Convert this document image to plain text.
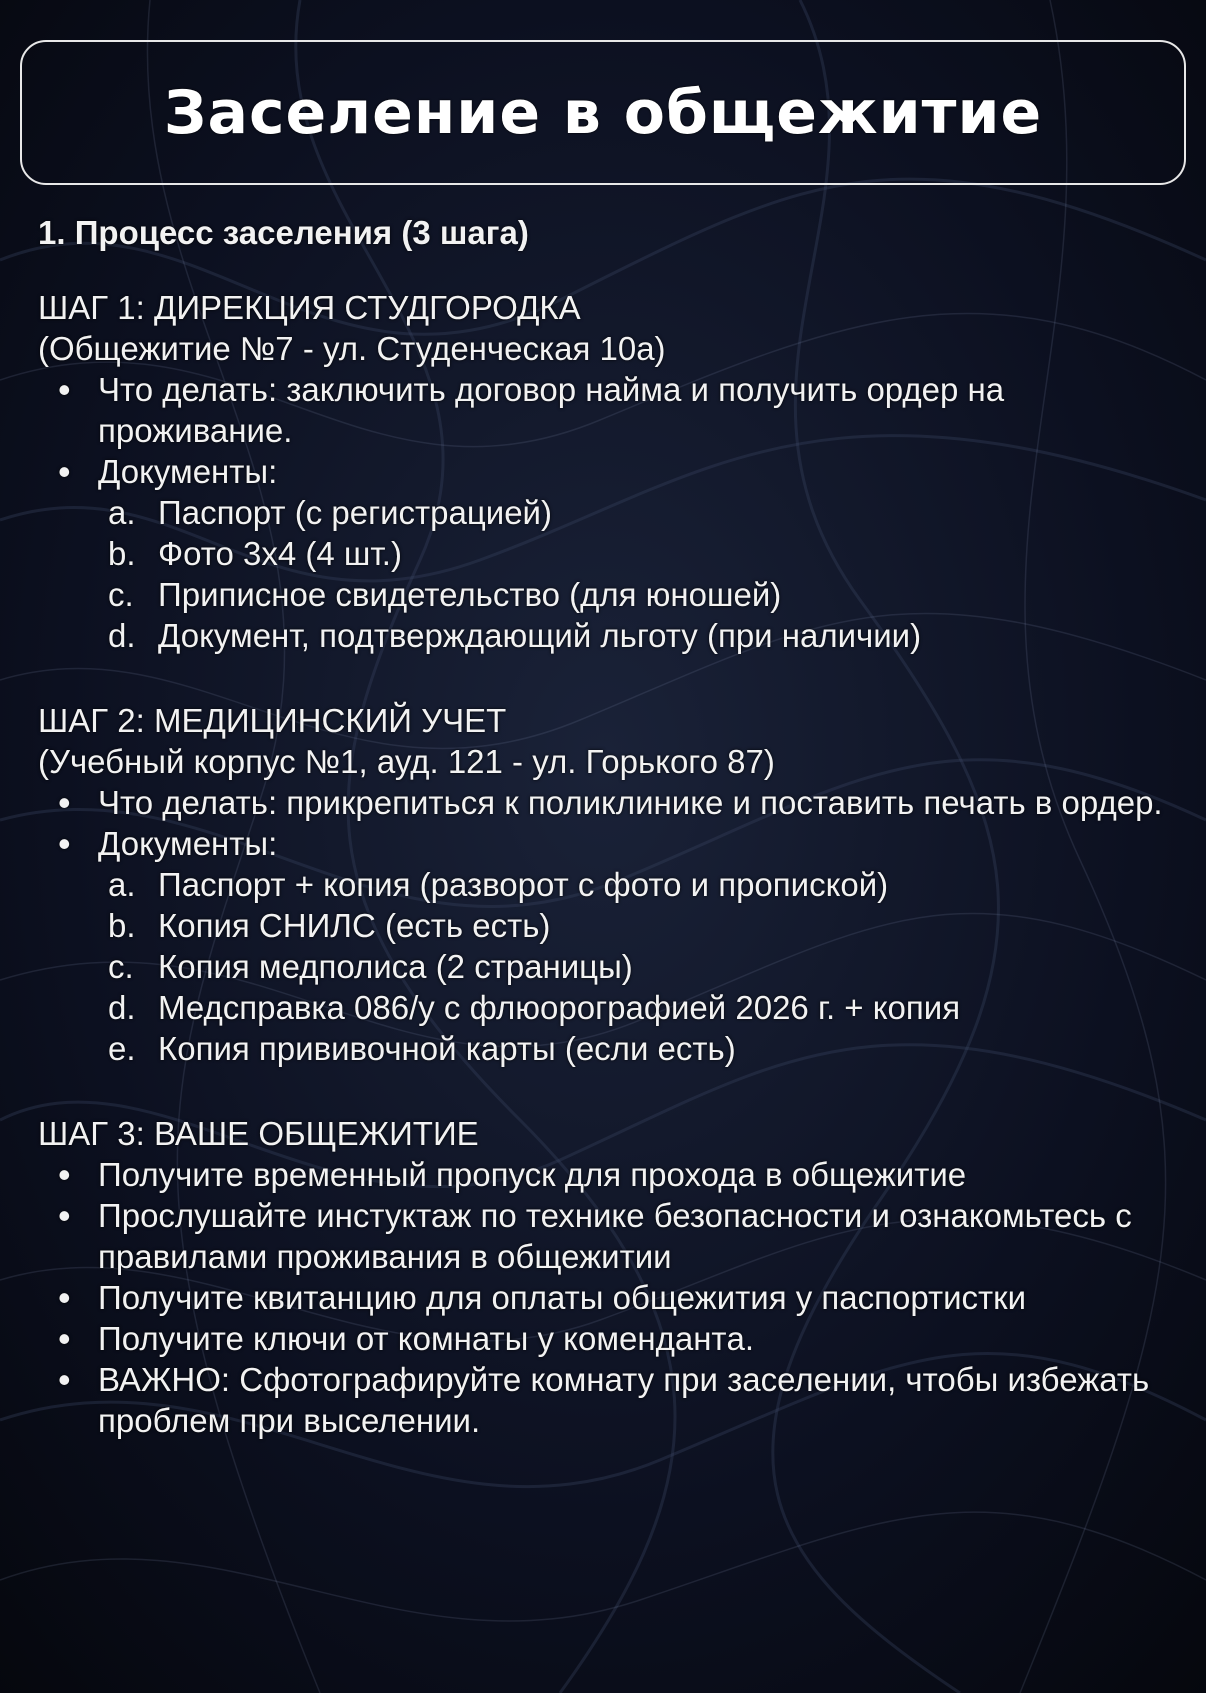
Заселение в общежитие

1. Процесс заселения (3 шага)

ШАГ 1: ДИРЕКЦИЯ СТУДГОРОДКА

(Общежитие №7 - ул. Студенческая 10а)

• Что делать: заключить договор найма и получить ордер на проживание.
• Документы:
a. Паспорт (с регистрацией)
b. Фото 3х4 (4 шт.)
c. Приписное свидетельство (для юношей)
d. Документ, подтверждающий льготу (при наличии)

ШАГ 2: МЕДИЦИНСКИЙ УЧЕТ

(Учебный корпус №1, ауд. 121 - ул. Горького 87)

• Что делать: прикрепиться к поликлинике и поставить печать в ордер.
• Документы:
a. Паспорт + копия (разворот с фото и пропиской)
b. Копия СНИЛС (есть есть)
c. Копия медполиса (2 страницы)
d. Медсправка 086/у с флюорографией 2026 г. + копия
e. Копия прививочной карты (если есть)

ШАГ 3: ВАШЕ ОБЩЕЖИТИЕ

• Получите временный пропуск для прохода в общежитие
• Прослушайте инстуктаж по технике безопасности и ознакомьтесь с правилами проживания в общежитии
• Получите квитанцию для оплаты общежития у паспортистки
• Получите ключи от комнаты у комендантa.
• ВАЖНО: Сфотографируйте комнату при заселении, чтобы избежать проблем при выселении.
